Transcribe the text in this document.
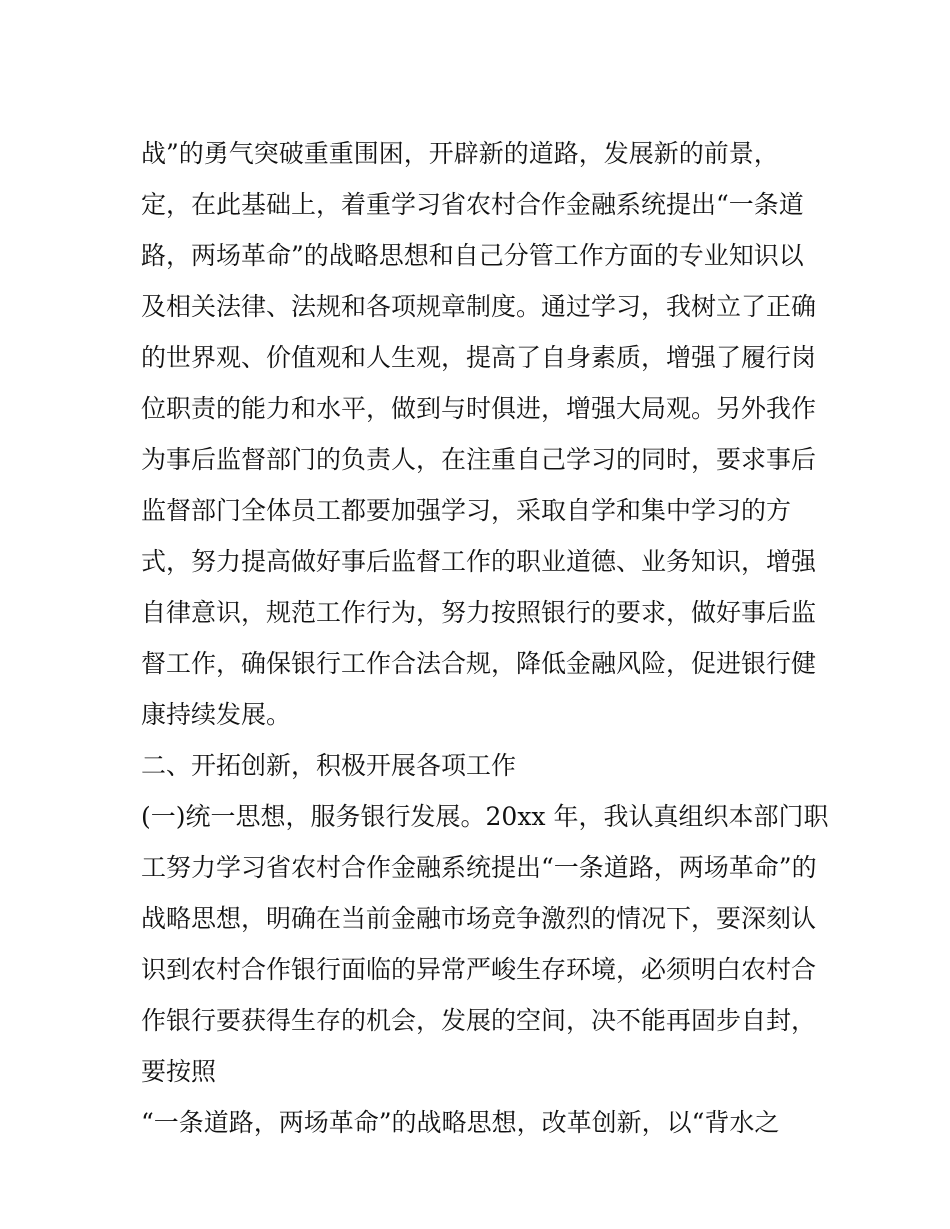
战”的勇气突破重重围困，开辟新的道路，发展新的前景，

定，在此基础上，着重学习省农村合作金融系统提出“一条道

路，两场革命”的战略思想和自己分管工作方面的专业知识以

及相关法律、法规和各项规章制度。通过学习，我树立了正确

的世界观、价值观和人生观，提高了自身素质，增强了履行岗

位职责的能力和水平，做到与时俱进，增强大局观。另外我作

为事后监督部门的负责人，在注重自己学习的同时，要求事后

监督部门全体员工都要加强学习，采取自学和集中学习的方

式，努力提高做好事后监督工作的职业道德、业务知识，增强

自律意识，规范工作行为，努力按照银行的要求，做好事后监

督工作，确保银行工作合法合规，降低金融风险，促进银行健

康持续发展。

二、开拓创新，积极开展各项工作

(一)统一思想，服务银行发展。20xx 年，我认真组织本部门职

工努力学习省农村合作金融系统提出“一条道路，两场革命”的

战略思想，明确在当前金融市场竞争激烈的情况下，要深刻认

识到农村合作银行面临的异常严峻生存环境，必须明白农村合

作银行要获得生存的机会，发展的空间，决不能再固步自封，

要按照

“一条道路，两场革命”的战略思想，改革创新，以“背水之
